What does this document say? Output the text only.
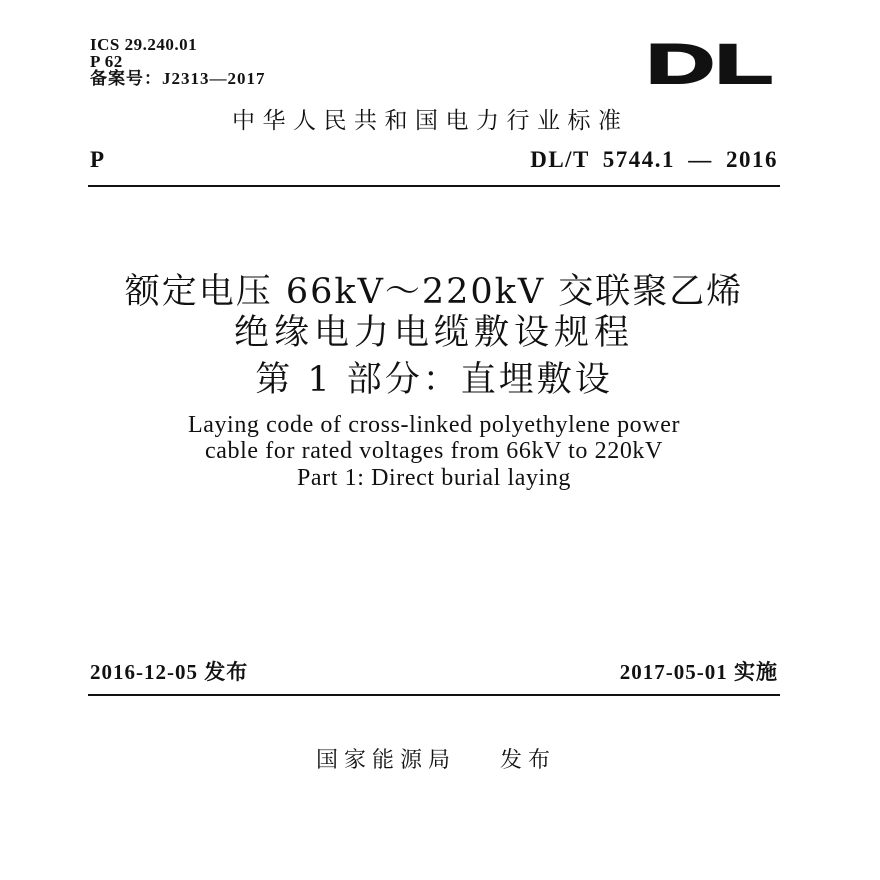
ICS 29.240.01
P 62
备案号：J2313—2017	DL
中华人民共和国电力行业标准
P	DL/T 5744.1 — 2016
额定电压 66kV～220kV 交联聚乙烯
绝缘电力电缆敷设规程
第 1 部分：直埋敷设
Laying code of cross-linked polyethylene power
cable for rated voltages from 66kV to 220kV
Part 1: Direct burial laying
2016-12-05 发布	2017-05-01 实施
国家能源局 发布
